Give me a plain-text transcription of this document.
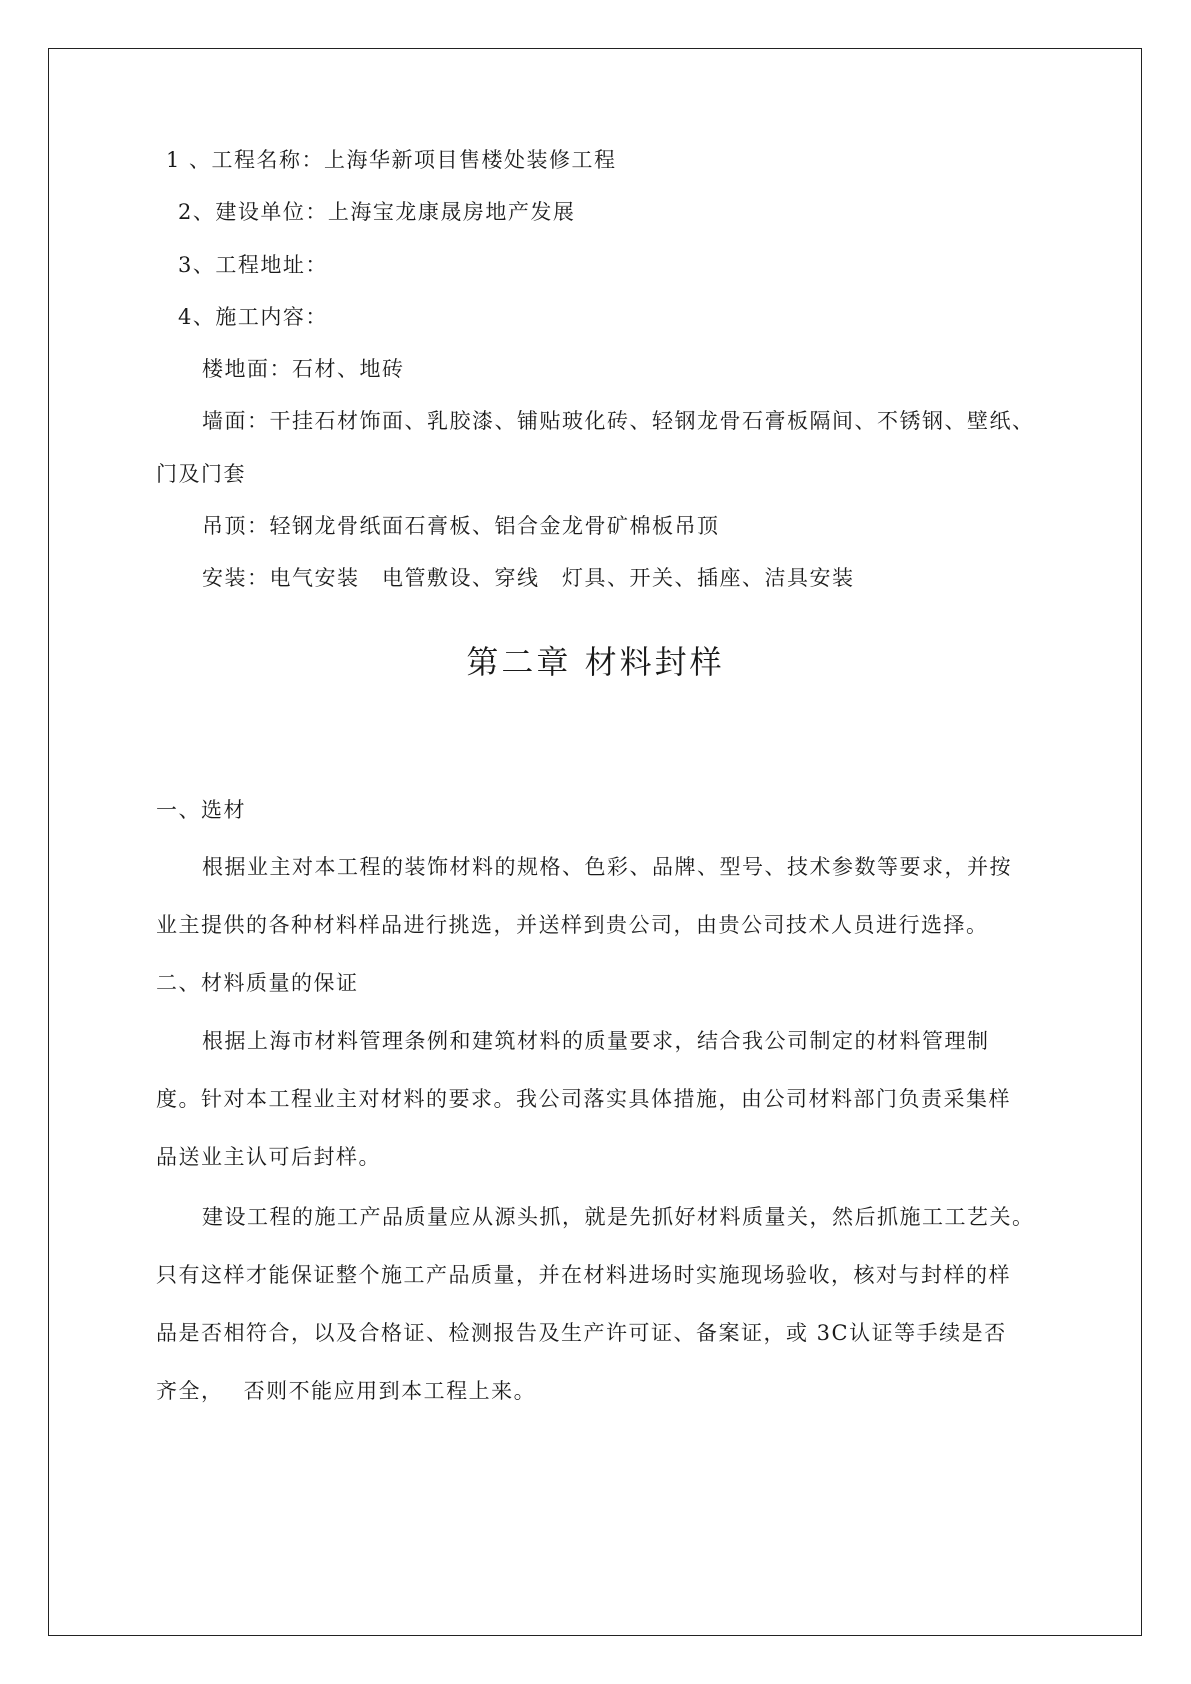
1 、工程名称：上海华新项目售楼处装修工程
2、建设单位：上海宝龙康晟房地产发展
3、工程地址：
4、施工内容：
楼地面：石材、地砖
墙面：干挂石材饰面、乳胶漆、铺贴玻化砖、轻钢龙骨石膏板隔间、不锈钢、壁纸、
门及门套
吊顶：轻钢龙骨纸面石膏板、铝合金龙骨矿棉板吊顶
安装：电气安装　电管敷设、穿线　灯具、开关、插座、洁具安装
第二章 材料封样
一、选材
根据业主对本工程的装饰材料的规格、色彩、品牌、型号、技术参数等要求，并按
业主提供的各种材料样品进行挑选，并送样到贵公司，由贵公司技术人员进行选择。
二、材料质量的保证
根据上海市材料管理条例和建筑材料的质量要求，结合我公司制定的材料管理制
度。针对本工程业主对材料的要求。我公司落实具体措施，由公司材料部门负责采集样
品送业主认可后封样。
建设工程的施工产品质量应从源头抓，就是先抓好材料质量关，然后抓施工工艺关。
只有这样才能保证整个施工产品质量，并在材料进场时实施现场验收，核对与封样的样
品是否相符合，以及合格证、检测报告及生产许可证、备案证，或 3C认证等手续是否
齐全，　 否则不能应用到本工程上来。
